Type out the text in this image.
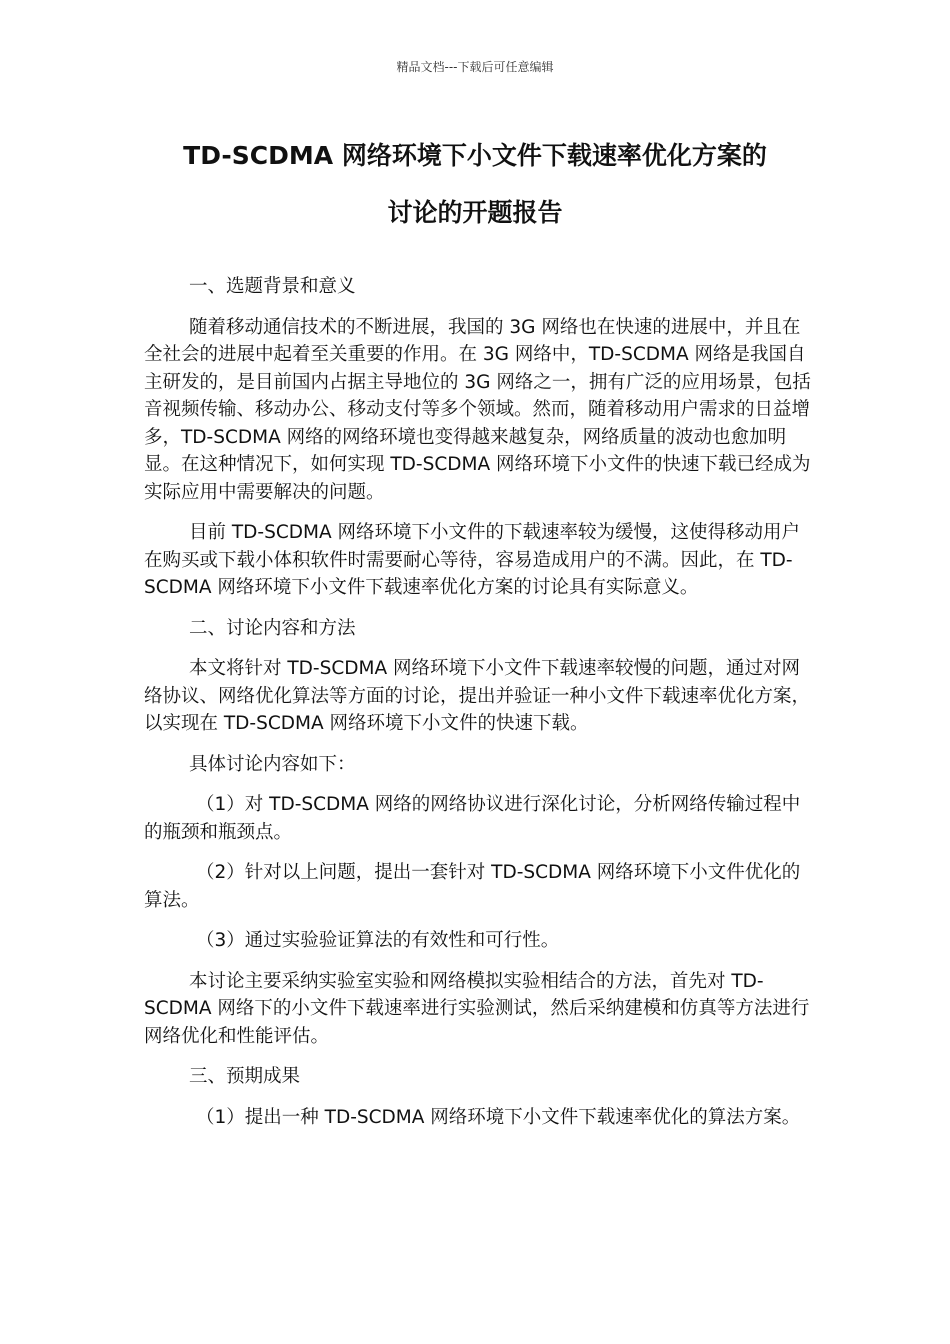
精品文档---下载后可任意编辑
TD-SCDMA 网络环境下小文件下载速率优化方案的
讨论的开题报告

一、选题背景和意义

随着移动通信技术的不断进展，我国的 3G 网络也在快速的进展中，并且在全社会的进展中起着至关重要的作用。在 3G 网络中，TD-SCDMA 网络是我国自主研发的，是目前国内占据主导地位的 3G 网络之一，拥有广泛的应用场景，包括音视频传输、移动办公、移动支付等多个领域。然而，随着移动用户需求的日益增多，TD-SCDMA 网络的网络环境也变得越来越复杂，网络质量的波动也愈加明显。在这种情况下，如何实现 TD-SCDMA 网络环境下小文件的快速下载已经成为实际应用中需要解决的问题。

目前 TD-SCDMA 网络环境下小文件的下载速率较为缓慢，这使得移动用户在购买或下载小体积软件时需要耐心等待，容易造成用户的不满。因此，在 TD-SCDMA 网络环境下小文件下载速率优化方案的讨论具有实际意义。

二、讨论内容和方法

本文将针对 TD-SCDMA 网络环境下小文件下载速率较慢的问题，通过对网络协议、网络优化算法等方面的讨论，提出并验证一种小文件下载速率优化方案，以实现在 TD-SCDMA 网络环境下小文件的快速下载。

具体讨论内容如下：

（1）对 TD-SCDMA 网络的网络协议进行深化讨论，分析网络传输过程中的瓶颈和瓶颈点。

（2）针对以上问题，提出一套针对 TD-SCDMA 网络环境下小文件优化的算法。

（3）通过实验验证算法的有效性和可行性。

本讨论主要采纳实验室实验和网络模拟实验相结合的方法，首先对 TD-SCDMA 网络下的小文件下载速率进行实验测试，然后采纳建模和仿真等方法进行网络优化和性能评估。

三、预期成果

（1）提出一种 TD-SCDMA 网络环境下小文件下载速率优化的算法方案。
